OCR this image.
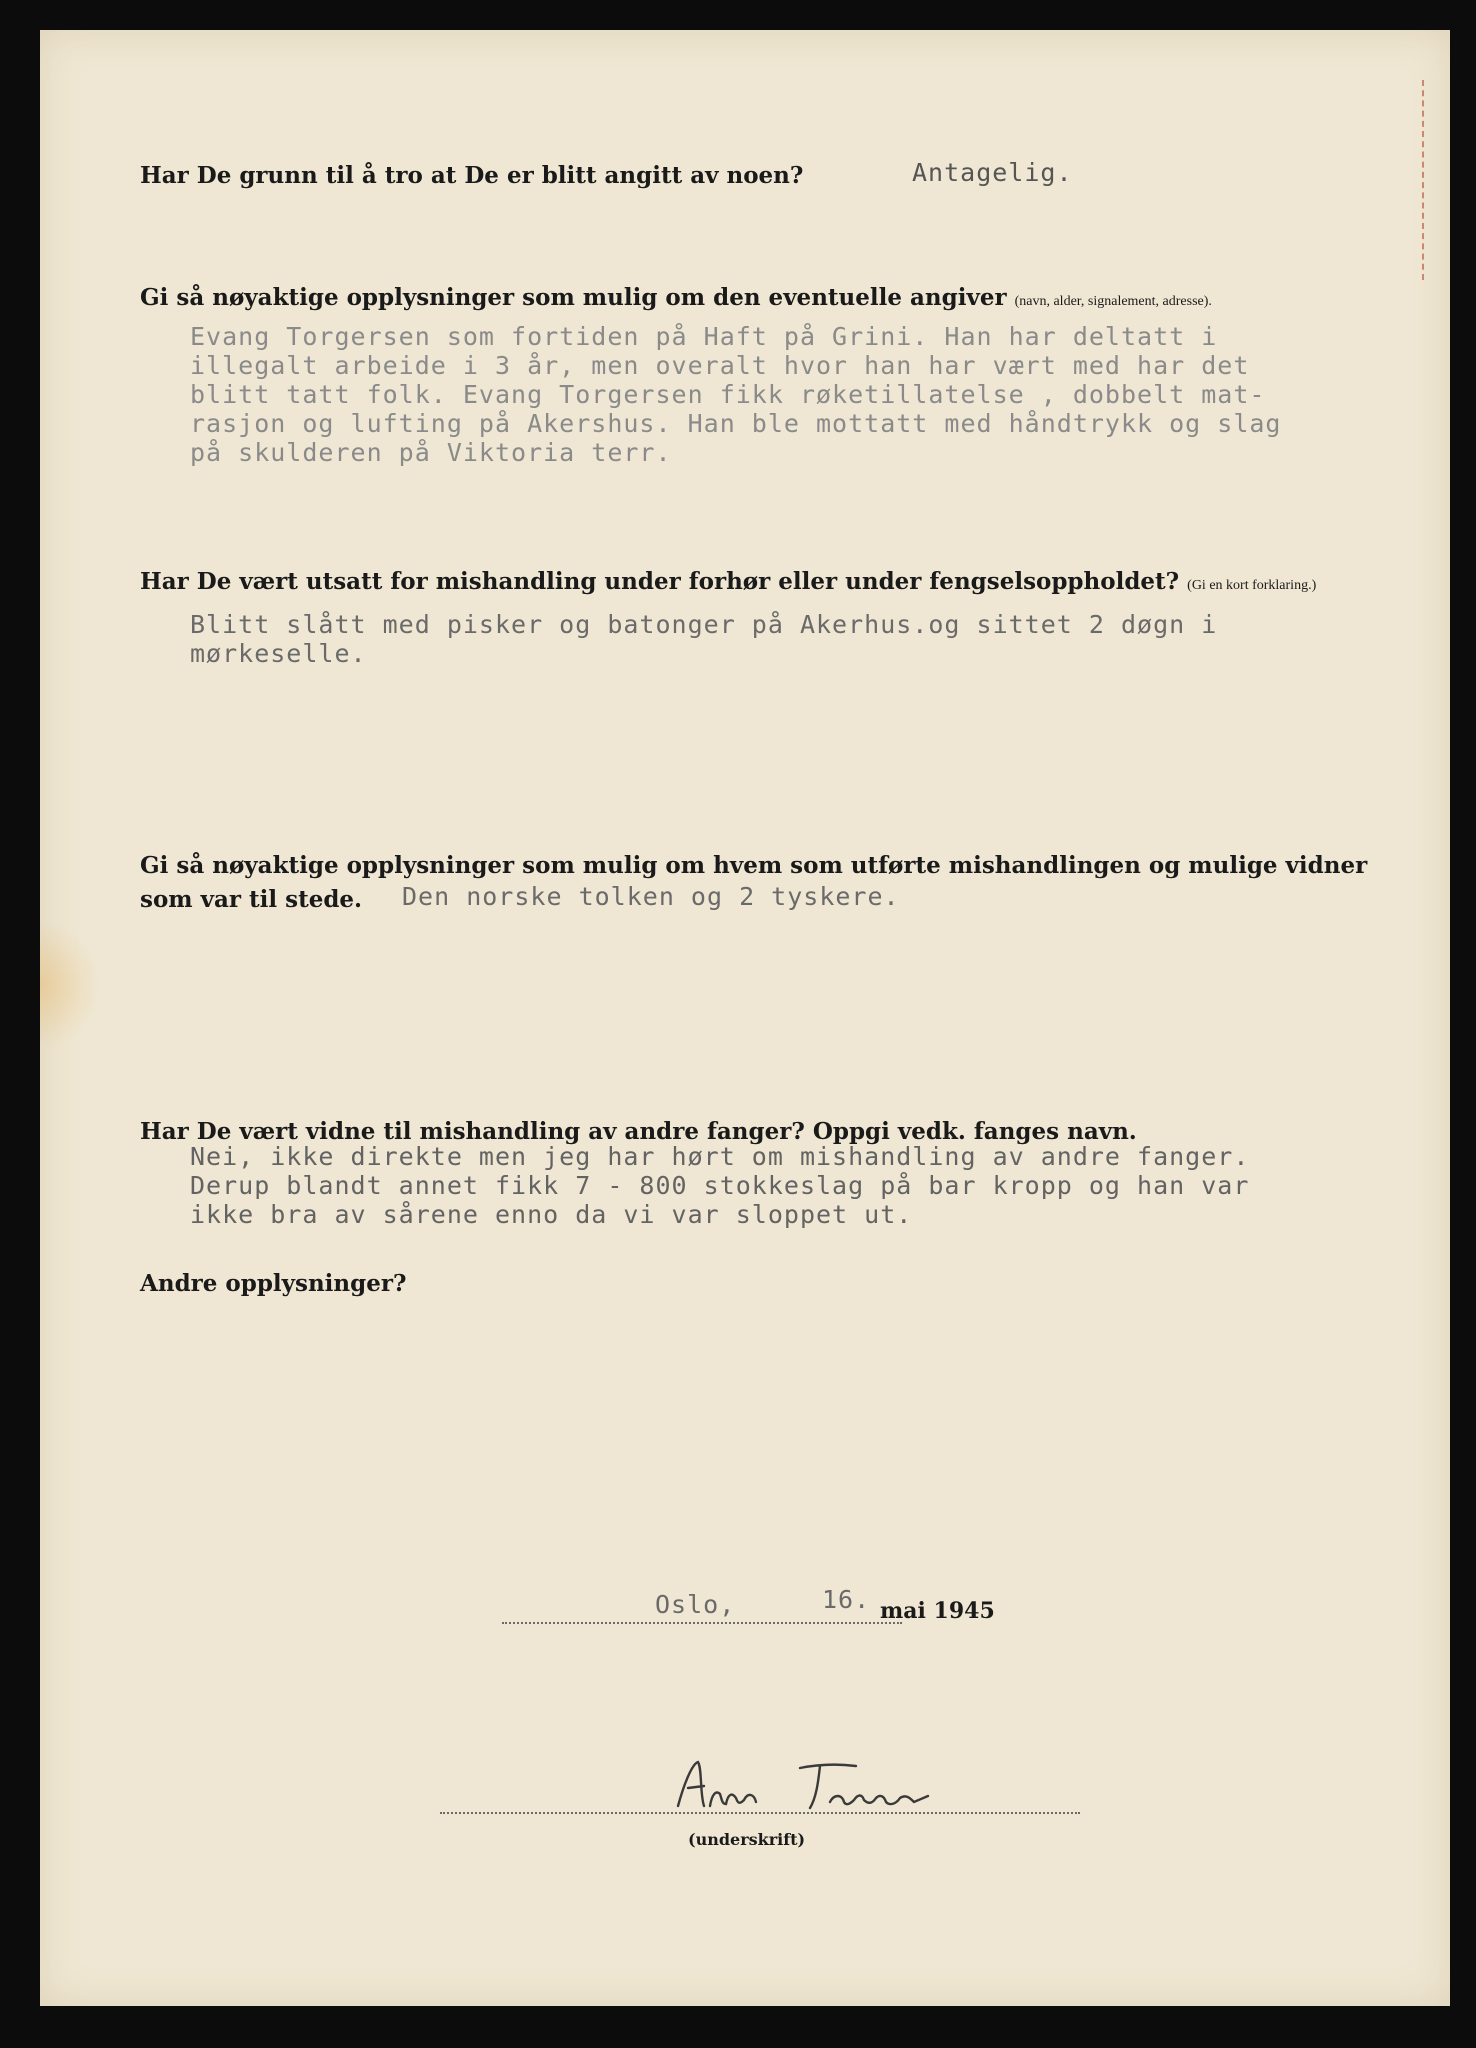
Har De grunn til å tro at De er blitt angitt av noen?	Antagelig.
Gi så nøyaktige opplysninger som mulig om den eventuelle angiver (navn, alder, signalement, adresse).
Evang Torgersen som fortiden på Haft på Grini. Han har deltatt i
illegalt arbeide i 3 år, men overalt hvor han har vært med har det
blitt tatt folk. Evang Torgersen fikk røketillatelse , dobbelt mat-
rasjon og lufting på Akershus. Han ble mottatt med håndtrykk og slag
på skulderen på Viktoria terr.
Har De vært utsatt for mishandling under forhør eller under fengselsoppholdet? (Gi en kort forklaring.)
Blitt slått med pisker og batonger på Akerhus.og sittet 2 døgn i
mørkeselle.
Gi så nøyaktige opplysninger som mulig om hvem som utførte mishandlingen og mulige vidner
som var til stede. Den norske tolken og 2 tyskere.
Har De vært vidne til mishandling av andre fanger? Oppgi vedk. fanges navn.
Nei, ikke direkte men jeg har hørt om mishandling av andre fanger.
Derup blandt annet fikk 7 - 800 stokkeslag på bar kropp og han var
ikke bra av sårene enno da vi var sloppet ut.
Andre opplysninger?
Oslo,	16. mai 1945
(underskrift)
